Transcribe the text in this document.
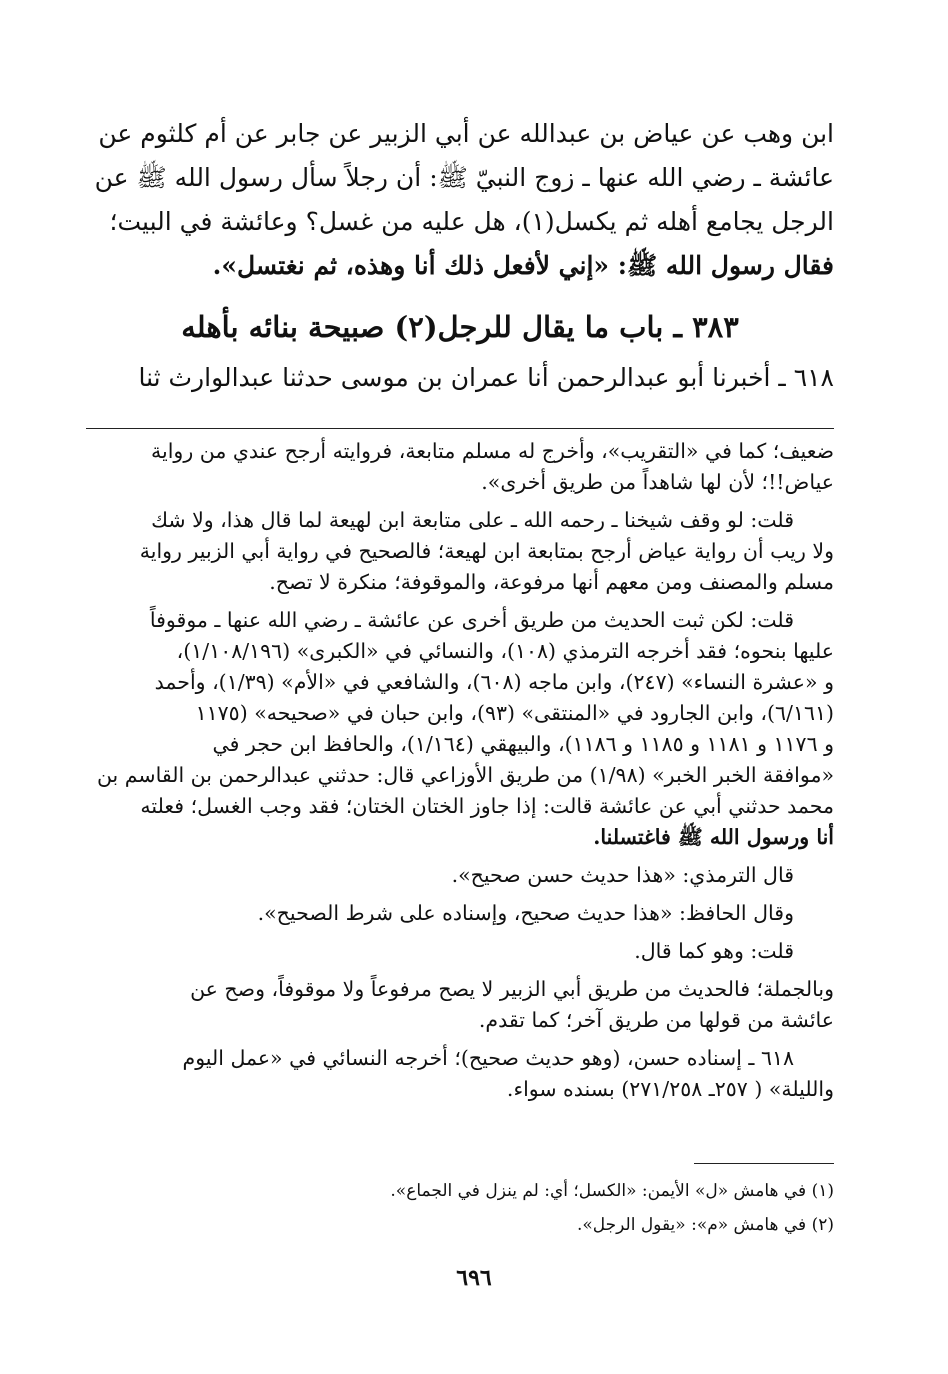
ابن وهب عن عياض بن عبدالله عن أبي الزبير عن جابر عن أم كلثوم عن
عائشة ـ رضي الله عنها ـ زوج النبيّ ﷺ: أن رجلاً سأل رسول الله ﷺ عن
الرجل يجامع أهله ثم يكسل(١)، هل عليه من غسل؟ وعائشة في البيت؛
فقال رسول الله ﷺ: «إني لأفعل ذلك أنا وهذه، ثم نغتسل».
٣٨٣ ـ باب ما يقال للرجل(٢) صبيحة بنائه بأهله
٦١٨ ـ أخبرنا أبو عبدالرحمن أنا عمران بن موسى حدثنا عبدالوارث ثنا
ضعيف؛ كما في «التقريب»، وأخرج له مسلم متابعة، فروايته أرجح عندي من رواية
عياض!!؛ لأن لها شاهداً من طريق أخرى».
قلت: لو وقف شيخنا ـ رحمه الله ـ على متابعة ابن لهيعة لما قال هذا، ولا شك
ولا ريب أن رواية عياض أرجح بمتابعة ابن لهيعة؛ فالصحيح في رواية أبي الزبير رواية
مسلم والمصنف ومن معهم أنها مرفوعة، والموقوفة؛ منكرة لا تصح.
قلت: لكن ثبت الحديث من طريق أخرى عن عائشة ـ رضي الله عنها ـ موقوفاً
عليها بنحوه؛ فقد أخرجه الترمذي (١٠٨)، والنسائي في «الكبرى» (١/١٠٨/١٩٦)،
و «عشرة النساء» (٢٤٧)، وابن ماجه (٦٠٨)، والشافعي في «الأم» (١/٣٩)، وأحمد
(٦/١٦١)، وابن الجارود في «المنتقى» (٩٣)، وابن حبان في «صحيحه» (١١٧٥
و ١١٧٦ و ١١٨١ و ١١٨٥ و ١١٨٦)، والبيهقي (١/١٦٤)، والحافظ ابن حجر في
«موافقة الخبر الخبر» (١/٩٨) من طريق الأوزاعي قال: حدثني عبدالرحمن بن القاسم بن
محمد حدثني أبي عن عائشة قالت: إذا جاوز الختان الختان؛ فقد وجب الغسل؛ فعلته
أنا ورسول الله ﷺ فاغتسلنا.
قال الترمذي: «هذا حديث حسن صحيح».
وقال الحافظ: «هذا حديث صحيح، وإسناده على شرط الصحيح».
قلت: وهو كما قال.
وبالجملة؛ فالحديث من طريق أبي الزبير لا يصح مرفوعاً ولا موقوفاً، وصح عن
عائشة من قولها من طريق آخر؛ كما تقدم.
٦١٨ ـ إسناده حسن، (وهو حديث صحيح)؛ أخرجه النسائي في «عمل اليوم
والليلة» ( ٢٥٧ـ ٢٧١/٢٥٨) بسنده سواء.
(١) في هامش «ل» الأيمن: «الكسل؛ أي: لم ينزل في الجماع».
(٢) في هامش «م»: «يقول الرجل».
٦٩٦
